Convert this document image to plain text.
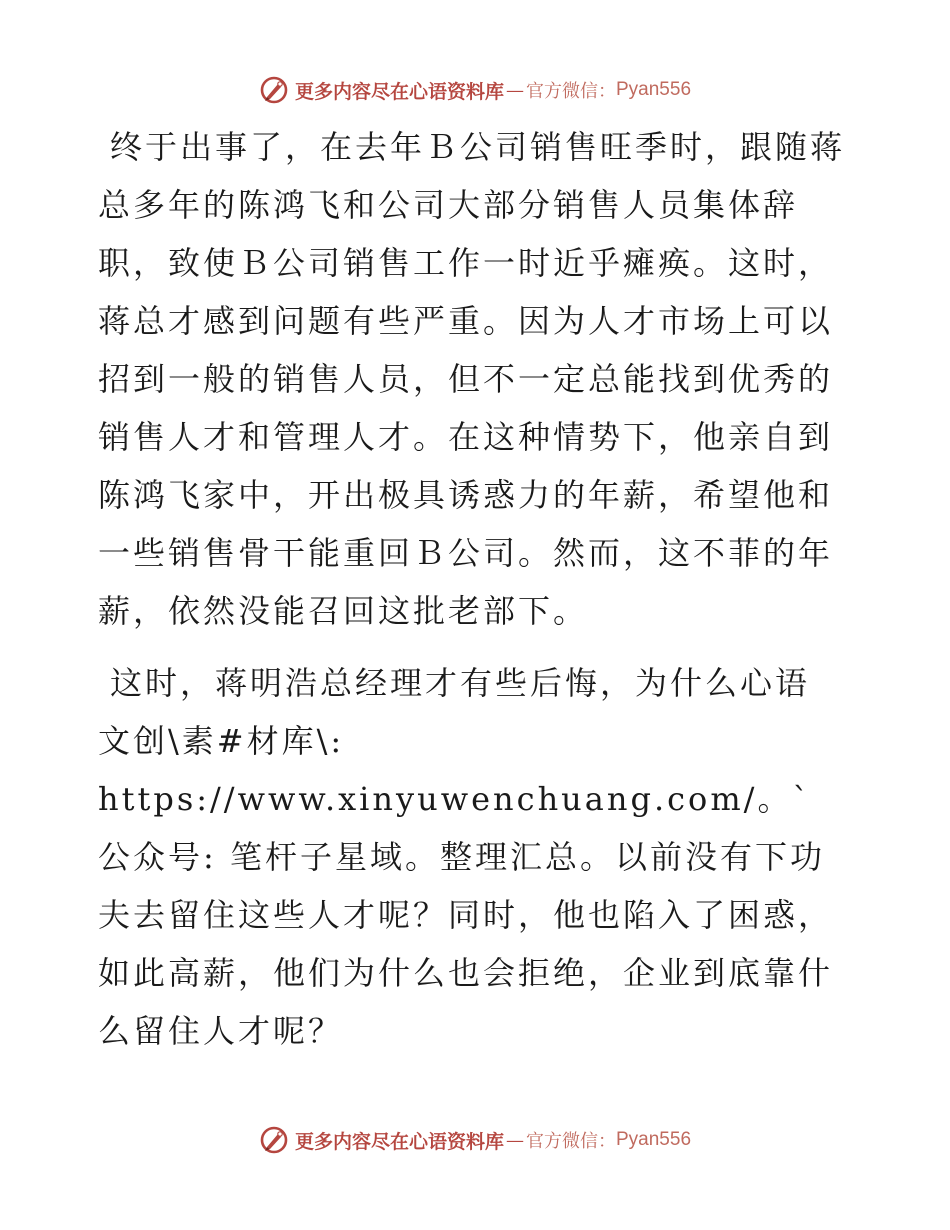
更多内容尽在心语资料库 — 官方微信： Pyan556

终于出事了，在去年Ｂ公司销售旺季时，跟随蒋总多年的陈鸿飞和公司大部分销售人员集体辞职，致使Ｂ公司销售工作一时近乎瘫痪。这时，蒋总才感到问题有些严重。因为人才市场上可以招到一般的销售人员，但不一定总能找到优秀的销售人才和管理人才。在这种情势下，他亲自到陈鸿飞家中，开出极具诱惑力的年薪，希望他和一些销售骨干能重回Ｂ公司。然而，这不菲的年薪，依然没能召回这批老部下。

这时，蒋明浩总经理才有些后悔，为什么心语文创\素#材库\: https://www.xinyuwenchuang.com/。`公众号: 笔杆子星域。整理汇总。以前没有下功夫去留住这些人才呢？同时，他也陷入了困惑，如此高薪，他们为什么也会拒绝，企业到底靠什么留住人才呢？

更多内容尽在心语资料库 — 官方微信： Pyan556
